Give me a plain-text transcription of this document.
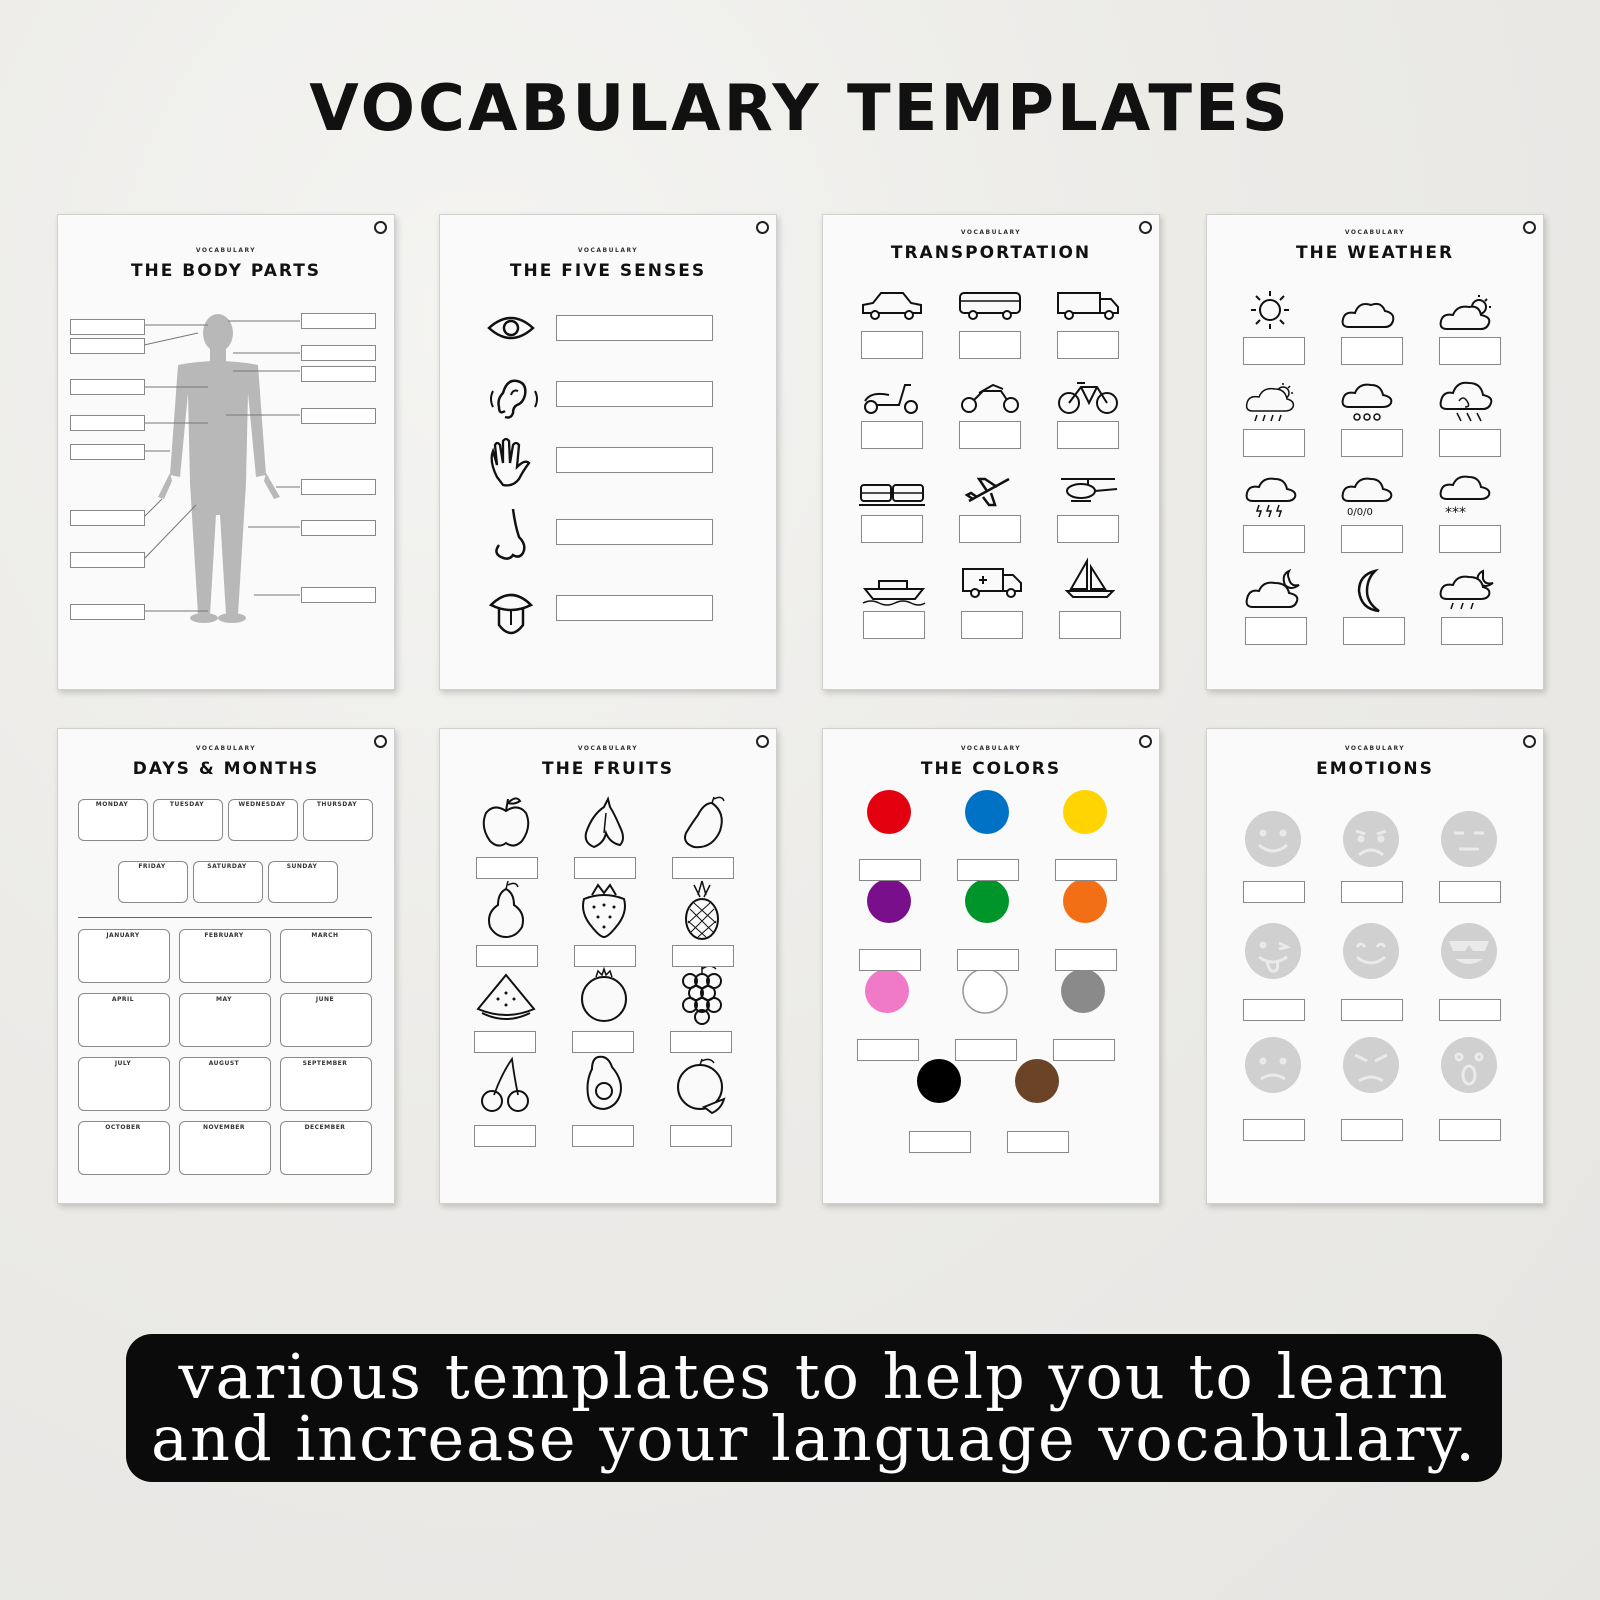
VOCABULARY TEMPLATES
VOCABULARY
THE BODY PARTS
VOCABULARY
THE FIVE SENSES
VOCABULARY
TRANSPORTATION
VOCABULARY
THE WEATHER
0/0/0	***
VOCABULARY
DAYS & MONTHS
MONDAY	TUESDAY	WEDNESDAY	THURSDAY
FRIDAY	SATURDAY	SUNDAY
JANUARY	FEBRUARY	MARCH
APRIL	MAY	JUNE
JULY	AUGUST	SEPTEMBER
OCTOBER	NOVEMBER	DECEMBER
VOCABULARY
THE FRUITS
VOCABULARY
THE COLORS
VOCABULARY
EMOTIONS
various templates to help you to learn
and increase your language vocabulary.
